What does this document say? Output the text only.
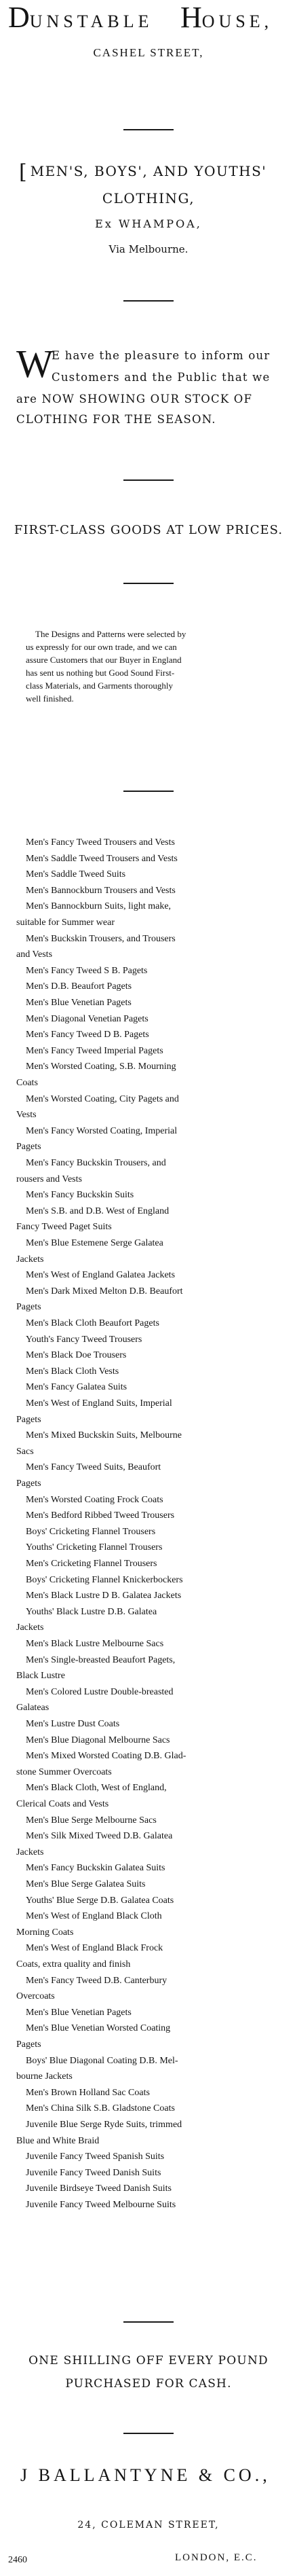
DUNSTABLE HOUSE,
CASHEL STREET,
[ MEN'S, BOYS', AND YOUTHS'
CLOTHING,
Ex WHAMPOA,
Via Melbourne.
W
E have the pleasure to inform our
Customers and the Public that we
are NOW SHOWING OUR STOCK OF
CLOTHING FOR THE SEASON.
FIRST-CLASS GOODS AT LOW PRICES.
The Designs and Patterns were selected by
us expressly for our own trade, and we can
assure Customers that our Buyer in England
has sent us nothing but Good Sound First-
class Materials, and Garments thoroughly
well finished.
Men's Fancy Tweed Trousers and Vests
Men's Saddle Tweed Trousers and Vests
Men's Saddle Tweed Suits
Men's Bannockburn Trousers and Vests
Men's Bannockburn Suits, light make,
suitable for Summer wear
Men's Buckskin Trousers, and Trousers
and Vests
Men's Fancy Tweed S B. Pagets
Men's D.B. Beaufort Pagets
Men's Blue Venetian Pagets
Men's Diagonal Venetian Pagets
Men's Fancy Tweed D B. Pagets
Men's Fancy Tweed Imperial Pagets
Men's Worsted Coating, S.B. Mourning
Coats
Men's Worsted Coating, City Pagets and
Vests
Men's Fancy Worsted Coating, Imperial
Pagets
Men's Fancy Buckskin Trousers, and
rousers and Vests
Men's Fancy Buckskin Suits
Men's S.B. and D.B. West of England
Fancy Tweed Paget Suits
Men's Blue Estemene Serge Galatea
Jackets
Men's West of England Galatea Jackets
Men's Dark Mixed Melton D.B. Beaufort
Pagets
Men's Black Cloth Beaufort Pagets
Youth's Fancy Tweed Trousers
Men's Black Doe Trousers
Men's Black Cloth Vests
Men's Fancy Galatea Suits
Men's West of England Suits, Imperial
Pagets
Men's Mixed Buckskin Suits, Melbourne
Sacs
Men's Fancy Tweed Suits, Beaufort
Pagets
Men's Worsted Coating Frock Coats
Men's Bedford Ribbed Tweed Trousers
Boys' Cricketing Flannel Trousers
Youths' Cricketing Flannel Trousers
Men's Cricketing Flannel Trousers
Boys' Cricketing Flannel Knickerbockers
Men's Black Lustre D B. Galatea Jackets
Youths' Black Lustre D.B. Galatea
Jackets
Men's Black Lustre Melbourne Sacs
Men's Single-breasted Beaufort Pagets,
Black Lustre
Men's Colored Lustre Double-breasted
Galateas
Men's Lustre Dust Coats
Men's Blue Diagonal Melbourne Sacs
Men's Mixed Worsted Coating D.B. Glad-
stone Summer Overcoats
Men's Black Cloth, West of England,
Clerical Coats and Vests
Men's Blue Serge Melbourne Sacs
Men's Silk Mixed Tweed D.B. Galatea
Jackets
Men's Fancy Buckskin Galatea Suits
Men's Blue Serge Galatea Suits
Youths' Blue Serge D.B. Galatea Coats
Men's West of England Black Cloth
Morning Coats
Men's West of England Black Frock
Coats, extra quality and finish
Men's Fancy Tweed D.B. Canterbury
Overcoats
Men's Blue Venetian Pagets
Men's Blue Venetian Worsted Coating
Pagets
Boys' Blue Diagonal Coating D.B. Mel-
bourne Jackets
Men's Brown Holland Sac Coats
Men's China Silk S.B. Gladstone Coats
Juvenile Blue Serge Ryde Suits, trimmed
Blue and White Braid
Juvenile Fancy Tweed Spanish Suits
Juvenile Fancy Tweed Danish Suits
Juvenile Birdseye Tweed Danish Suits
Juvenile Fancy Tweed Melbourne Suits
ONE SHILLING OFF EVERY POUND
PURCHASED FOR CASH.
J BALLANTYNE & CO.,
24, COLEMAN STREET,
2460	LONDON, E.C.
